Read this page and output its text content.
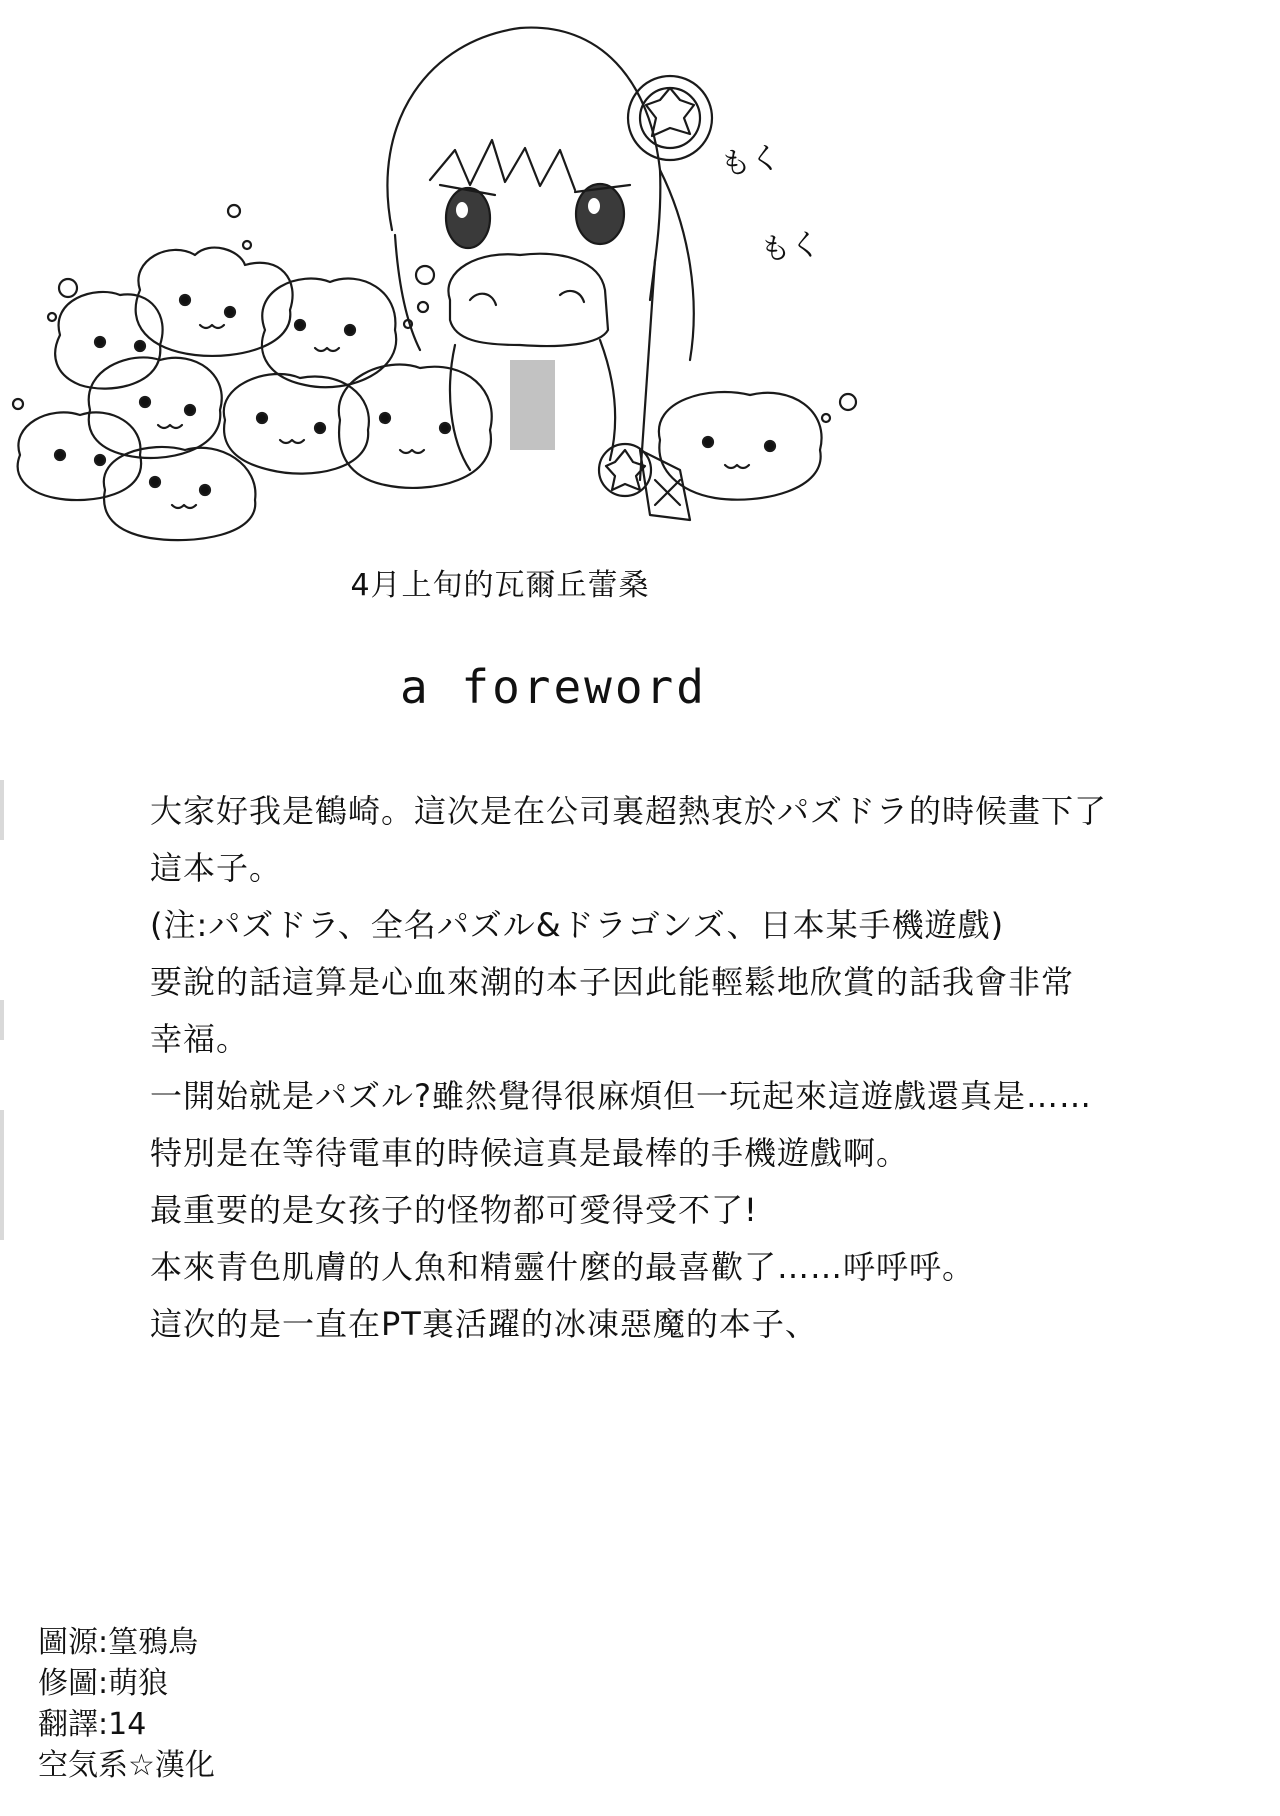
もく
もく
4月上旬的瓦爾丘蕾桑
a foreword
大家好我是鶴崎。這次是在公司裏超熱衷於パズドラ的時候畫下了
這本子。
(注:パズドラ、全名パズル&ドラゴンズ、日本某手機遊戲)
要說的話這算是心血來潮的本子因此能輕鬆地欣賞的話我會非常
幸福。
一開始就是パズル?雖然覺得很麻煩但一玩起來這遊戲還真是……
特別是在等待電車的時候這真是最棒的手機遊戲啊。
最重要的是女孩子的怪物都可愛得受不了!
本來青色肌膚的人魚和精靈什麼的最喜歡了……呼呼呼。
這次的是一直在PT裏活躍的冰凍惡魔的本子、
圖源:篁鴉鳥
修圖:萌狼
翻譯:14
空気系☆漢化
